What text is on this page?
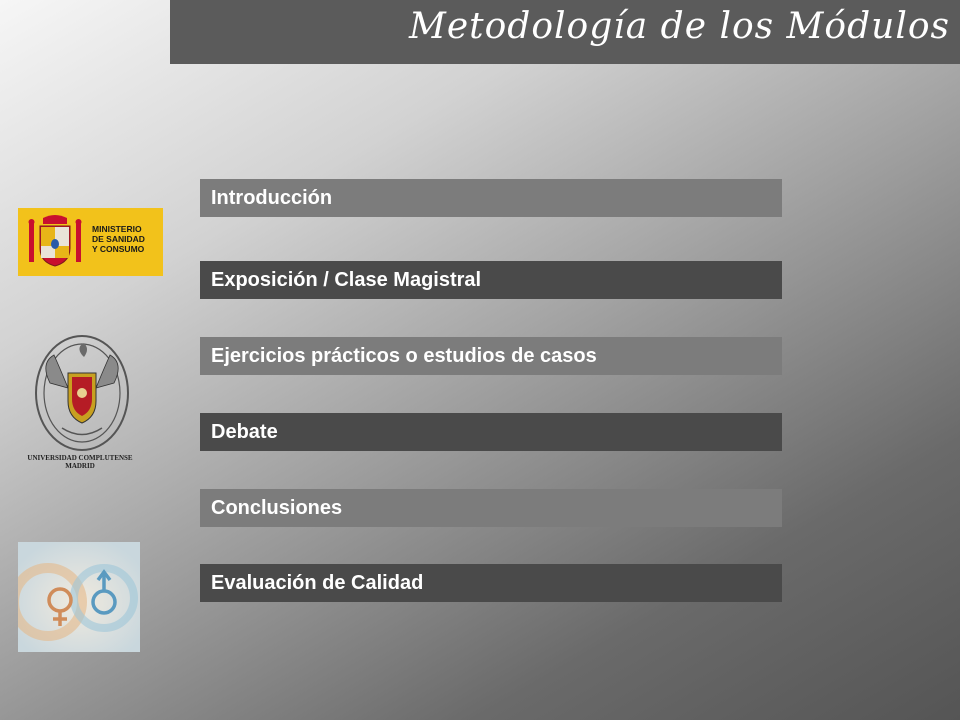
Metodología de los Módulos
Introducción
Exposición / Clase Magistral
Ejercicios prácticos o estudios de casos
Debate
Conclusiones
Evaluación de Calidad
MINISTERIO
DE SANIDAD
Y CONSUMO
UNIVERSIDAD COMPLUTENSE
MADRID
